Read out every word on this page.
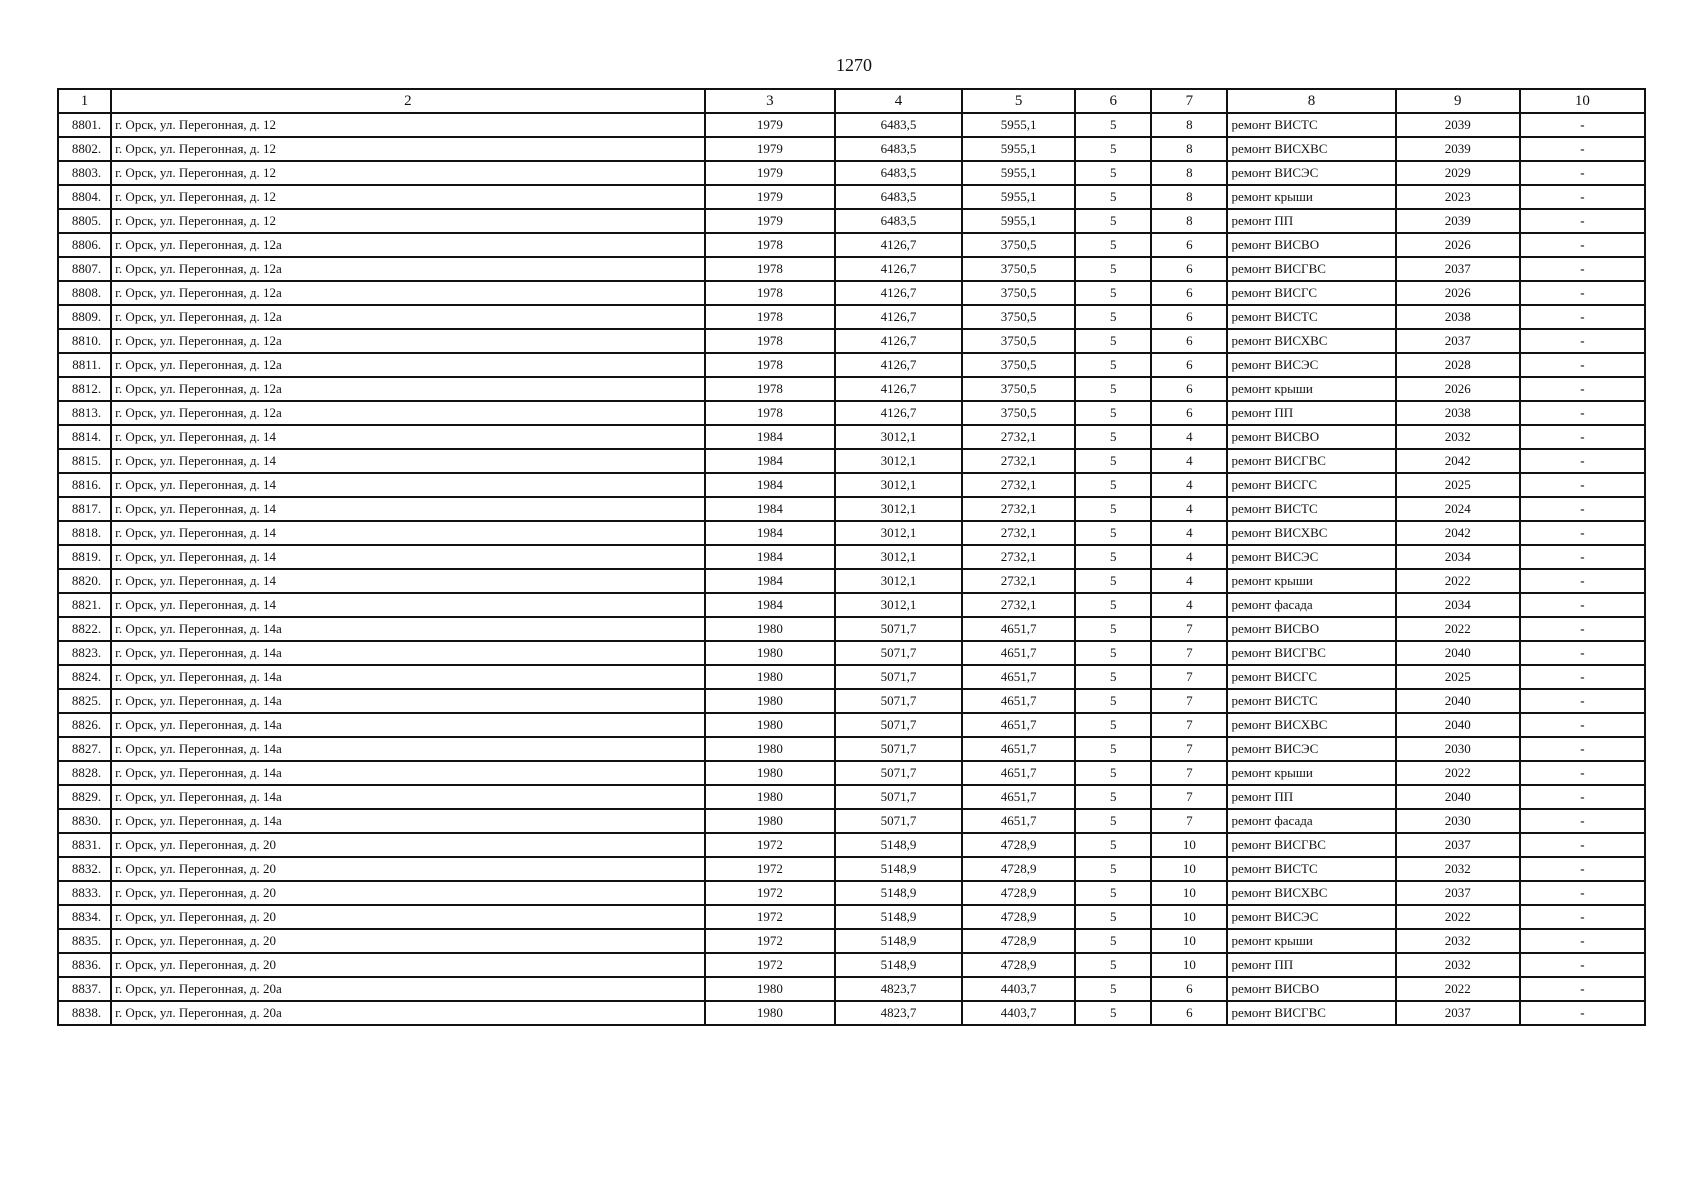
1270
1	2	3	4	5	6	7	8	9	10
8801.	г. Орск, ул. Перегонная, д. 12	1979	6483,5	5955,1	5	8	ремонт ВИСТС	2039	-
8802.	г. Орск, ул. Перегонная, д. 12	1979	6483,5	5955,1	5	8	ремонт ВИСХВС	2039	-
8803.	г. Орск, ул. Перегонная, д. 12	1979	6483,5	5955,1	5	8	ремонт ВИСЭС	2029	-
8804.	г. Орск, ул. Перегонная, д. 12	1979	6483,5	5955,1	5	8	ремонт крыши	2023	-
8805.	г. Орск, ул. Перегонная, д. 12	1979	6483,5	5955,1	5	8	ремонт ПП	2039	-
8806.	г. Орск, ул. Перегонная, д. 12а	1978	4126,7	3750,5	5	6	ремонт ВИСВО	2026	-
8807.	г. Орск, ул. Перегонная, д. 12а	1978	4126,7	3750,5	5	6	ремонт ВИСГВС	2037	-
8808.	г. Орск, ул. Перегонная, д. 12а	1978	4126,7	3750,5	5	6	ремонт ВИСГС	2026	-
8809.	г. Орск, ул. Перегонная, д. 12а	1978	4126,7	3750,5	5	6	ремонт ВИСТС	2038	-
8810.	г. Орск, ул. Перегонная, д. 12а	1978	4126,7	3750,5	5	6	ремонт ВИСХВС	2037	-
8811.	г. Орск, ул. Перегонная, д. 12а	1978	4126,7	3750,5	5	6	ремонт ВИСЭС	2028	-
8812.	г. Орск, ул. Перегонная, д. 12а	1978	4126,7	3750,5	5	6	ремонт крыши	2026	-
8813.	г. Орск, ул. Перегонная, д. 12а	1978	4126,7	3750,5	5	6	ремонт ПП	2038	-
8814.	г. Орск, ул. Перегонная, д. 14	1984	3012,1	2732,1	5	4	ремонт ВИСВО	2032	-
8815.	г. Орск, ул. Перегонная, д. 14	1984	3012,1	2732,1	5	4	ремонт ВИСГВС	2042	-
8816.	г. Орск, ул. Перегонная, д. 14	1984	3012,1	2732,1	5	4	ремонт ВИСГС	2025	-
8817.	г. Орск, ул. Перегонная, д. 14	1984	3012,1	2732,1	5	4	ремонт ВИСТС	2024	-
8818.	г. Орск, ул. Перегонная, д. 14	1984	3012,1	2732,1	5	4	ремонт ВИСХВС	2042	-
8819.	г. Орск, ул. Перегонная, д. 14	1984	3012,1	2732,1	5	4	ремонт ВИСЭС	2034	-
8820.	г. Орск, ул. Перегонная, д. 14	1984	3012,1	2732,1	5	4	ремонт крыши	2022	-
8821.	г. Орск, ул. Перегонная, д. 14	1984	3012,1	2732,1	5	4	ремонт фасада	2034	-
8822.	г. Орск, ул. Перегонная, д. 14а	1980	5071,7	4651,7	5	7	ремонт ВИСВО	2022	-
8823.	г. Орск, ул. Перегонная, д. 14а	1980	5071,7	4651,7	5	7	ремонт ВИСГВС	2040	-
8824.	г. Орск, ул. Перегонная, д. 14а	1980	5071,7	4651,7	5	7	ремонт ВИСГС	2025	-
8825.	г. Орск, ул. Перегонная, д. 14а	1980	5071,7	4651,7	5	7	ремонт ВИСТС	2040	-
8826.	г. Орск, ул. Перегонная, д. 14а	1980	5071,7	4651,7	5	7	ремонт ВИСХВС	2040	-
8827.	г. Орск, ул. Перегонная, д. 14а	1980	5071,7	4651,7	5	7	ремонт ВИСЭС	2030	-
8828.	г. Орск, ул. Перегонная, д. 14а	1980	5071,7	4651,7	5	7	ремонт крыши	2022	-
8829.	г. Орск, ул. Перегонная, д. 14а	1980	5071,7	4651,7	5	7	ремонт ПП	2040	-
8830.	г. Орск, ул. Перегонная, д. 14а	1980	5071,7	4651,7	5	7	ремонт фасада	2030	-
8831.	г. Орск, ул. Перегонная, д. 20	1972	5148,9	4728,9	5	10	ремонт ВИСГВС	2037	-
8832.	г. Орск, ул. Перегонная, д. 20	1972	5148,9	4728,9	5	10	ремонт ВИСТС	2032	-
8833.	г. Орск, ул. Перегонная, д. 20	1972	5148,9	4728,9	5	10	ремонт ВИСХВС	2037	-
8834.	г. Орск, ул. Перегонная, д. 20	1972	5148,9	4728,9	5	10	ремонт ВИСЭС	2022	-
8835.	г. Орск, ул. Перегонная, д. 20	1972	5148,9	4728,9	5	10	ремонт крыши	2032	-
8836.	г. Орск, ул. Перегонная, д. 20	1972	5148,9	4728,9	5	10	ремонт ПП	2032	-
8837.	г. Орск, ул. Перегонная, д. 20а	1980	4823,7	4403,7	5	6	ремонт ВИСВО	2022	-
8838.	г. Орск, ул. Перегонная, д. 20а	1980	4823,7	4403,7	5	6	ремонт ВИСГВС	2037	-
